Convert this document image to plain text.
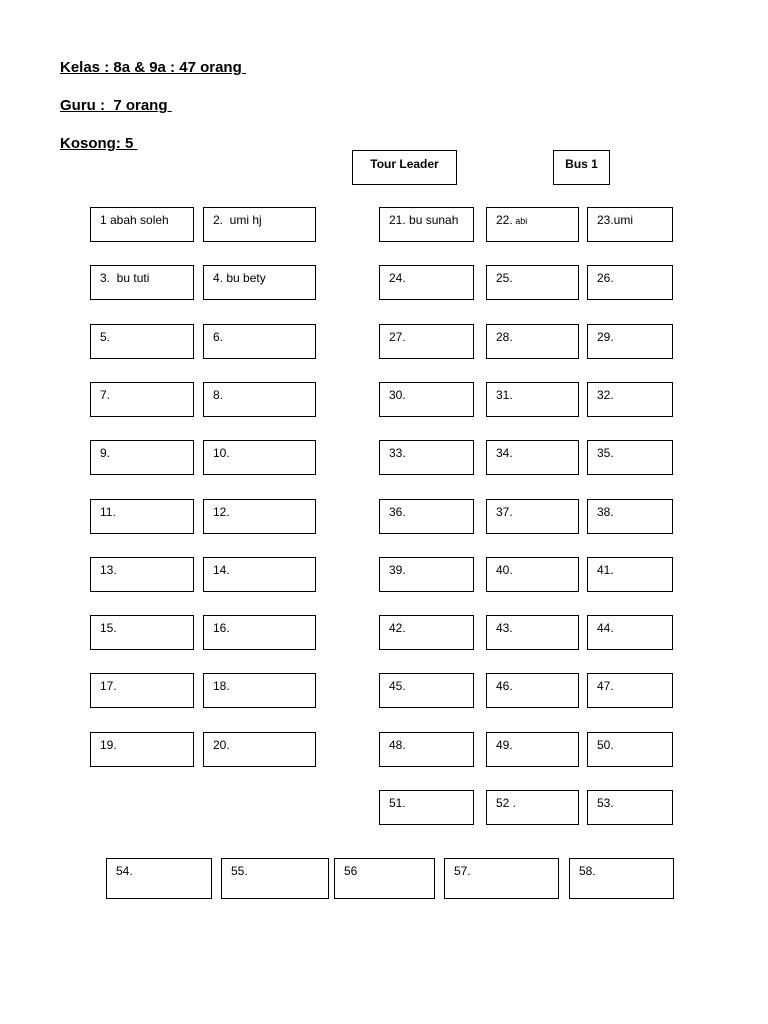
Kelas : 8a & 9a : 47 orang
Guru :  7 orang
Kosong: 5
Tour Leader	Bus 1
1 abah soleh	2.  umi hj
3.  bu tuti	4. bu bety
5.	6.
7.	8.
9.	10.
11.	12.
13.	14.
15.	16.
17.	18.
19.	20.
21. bu sunah	22. abi	23.umi
24.	25.	26.
27.	28.	29.
30.	31.	32.
33.	34.	35.
36.	37.	38.
39.	40.	41.
42.	43.	44.
45.	46.	47.
48.	49.	50.
51.	52 .	53.
54.	55.	56	57.	58.
